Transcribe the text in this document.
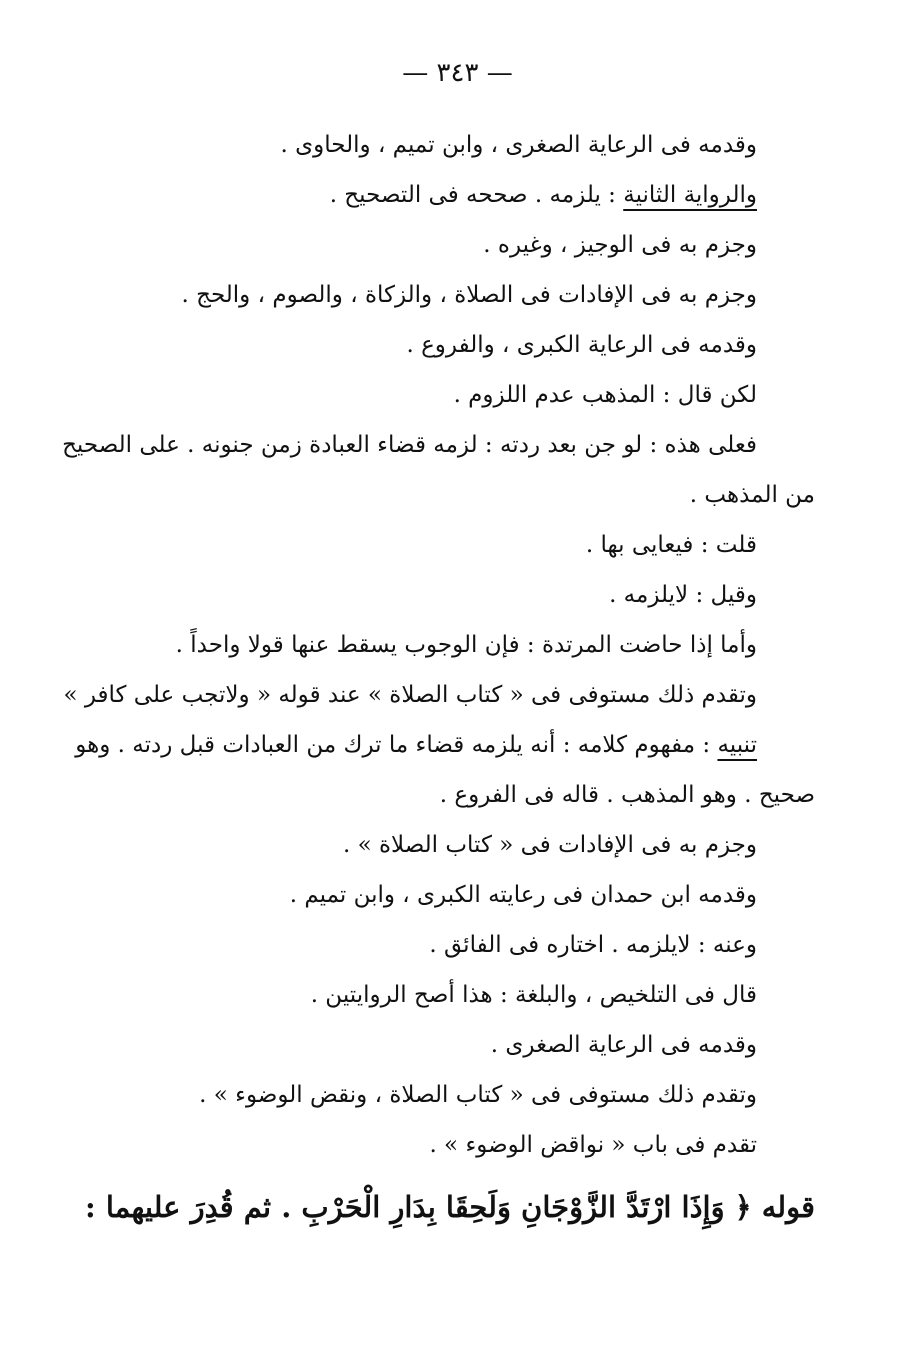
— ٣٤٣ —
وقدمه فى الرعاية الصغرى ، وابن تميم ، والحاوى .
والرواية الثانية : يلزمه . صححه فى التصحيح .
وجزم به فى الوجيز ، وغيره .
وجزم به فى الإفادات فى الصلاة ، والزكاة ، والصوم ، والحج .
وقدمه فى الرعاية الكبرى ، والفروع .
لكن قال : المذهب عدم اللزوم .
فعلى هذه : لو جن بعد ردته : لزمه قضاء العبادة زمن جنونه . على الصحيح
من المذهب .
قلت : فيعايى بها .
وقيل : لايلزمه .
وأما إذا حاضت المرتدة : فإن الوجوب يسقط عنها قولا واحداً .
وتقدم ذلك مستوفى فى « كتاب الصلاة » عند قوله « ولاتجب على كافر »
تنبيه : مفهوم كلامه : أنه يلزمه قضاء ما ترك من العبادات قبل ردته . وهو
صحيح . وهو المذهب . قاله فى الفروع .
وجزم به فى الإفادات فى « كتاب الصلاة » .
وقدمه ابن حمدان فى رعايته الكبرى ، وابن تميم .
وعنه : لايلزمه . اختاره فى الفائق .
قال فى التلخيص ، والبلغة : هذا أصح الروايتين .
وقدمه فى الرعاية الصغرى .
وتقدم ذلك مستوفى فى « كتاب الصلاة ، ونقض الوضوء » .
تقدم فى باب « نواقض الوضوء » .
قوله ﴿ وَإِذَا ارْتَدَّ الزَّوْجَانِ وَلَحِقَا بِدَارِ الْحَرْبِ . ثم قُدِرَ عليهما :
